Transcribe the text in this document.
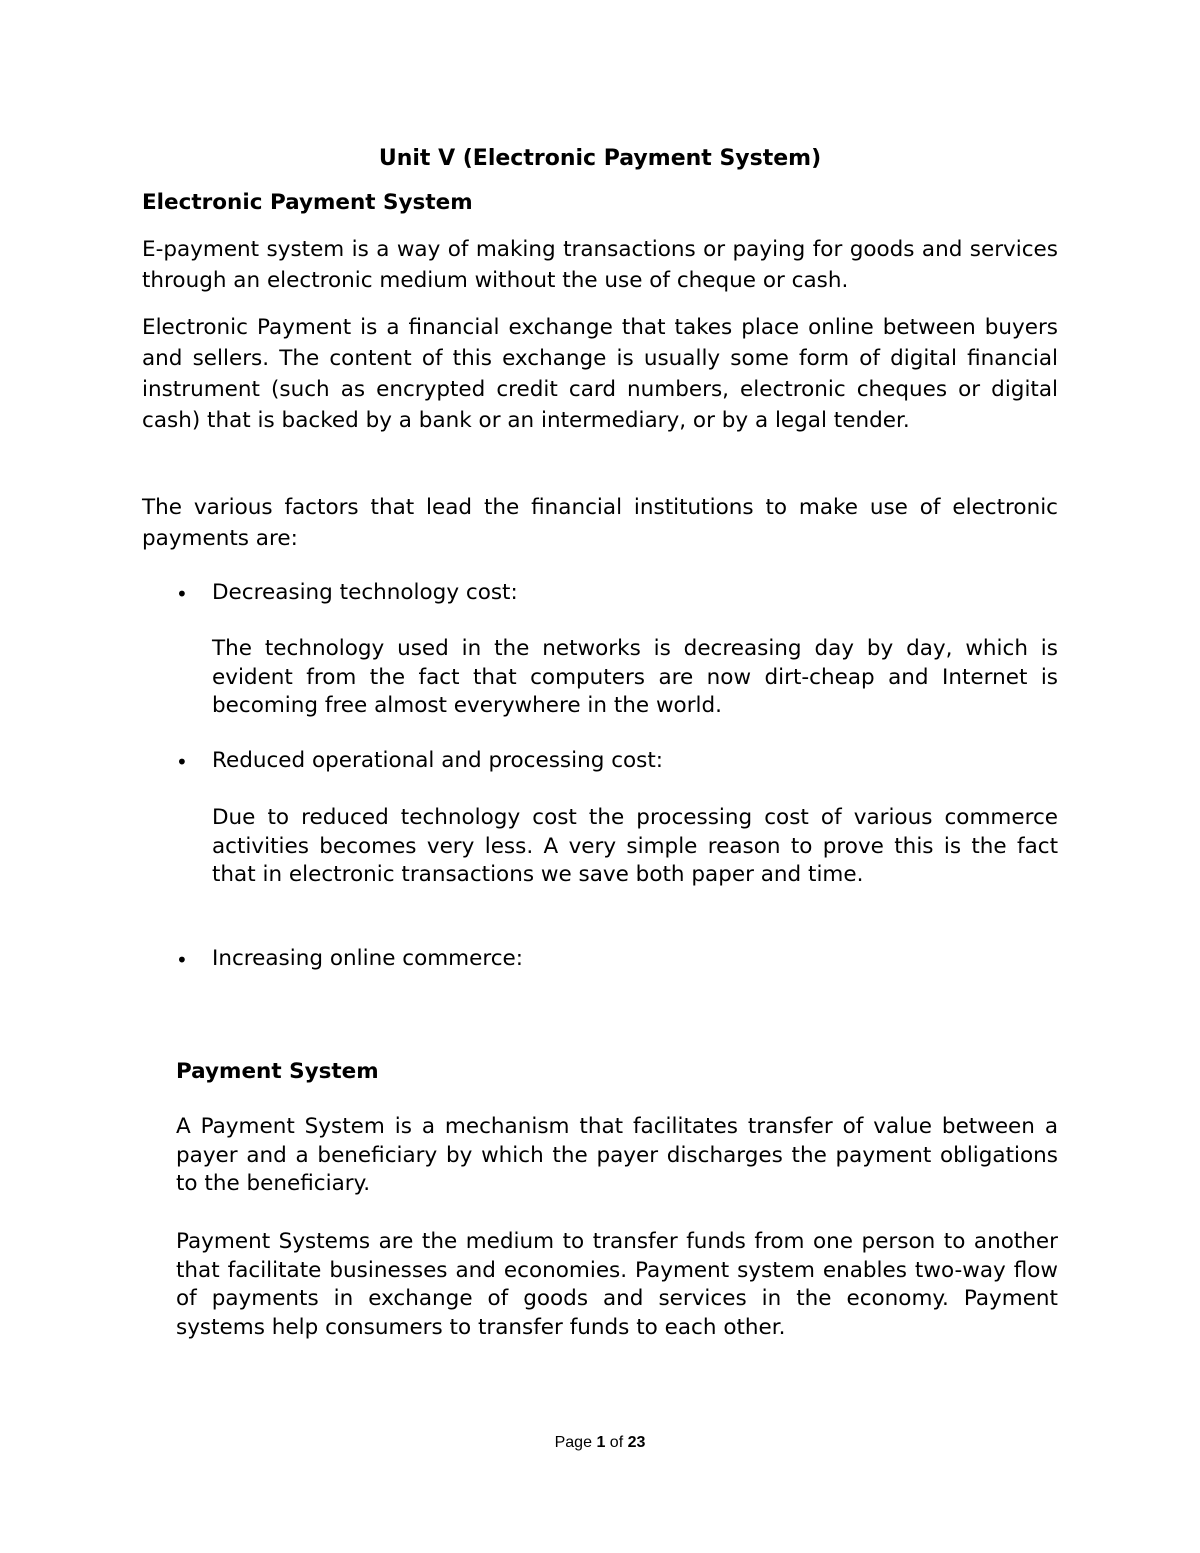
Unit V (Electronic Payment System)
Electronic Payment System

E-payment system is a way of making transactions or paying for goods and services through an electronic medium without the use of cheque or cash.

Electronic Payment is a financial exchange that takes place online between buyers and sellers. The content of this exchange is usually some form of digital financial instrument (such as encrypted credit card numbers, electronic cheques or digital cash) that is backed by a bank or an intermediary, or by a legal tender.

The various factors that lead the financial institutions to make use of electronic payments are:

• Decreasing technology cost:

The technology used in the networks is decreasing day by day, which is evident from the fact that computers are now dirt-cheap and Internet is becoming free almost everywhere in the world.

• Reduced operational and processing cost:

Due to reduced technology cost the processing cost of various commerce activities becomes very less. A very simple reason to prove this is the fact that in electronic transactions we save both paper and time.

• Increasing online commerce:

Payment System

A Payment System is a mechanism that facilitates transfer of value between a payer and a beneficiary by which the payer discharges the payment obligations to the beneficiary.

Payment Systems are the medium to transfer funds from one person to another that facilitate businesses and economies. Payment system enables two-way flow of payments in exchange of goods and services in the economy. Payment systems help consumers to transfer funds to each other.

Page 1 of 23
